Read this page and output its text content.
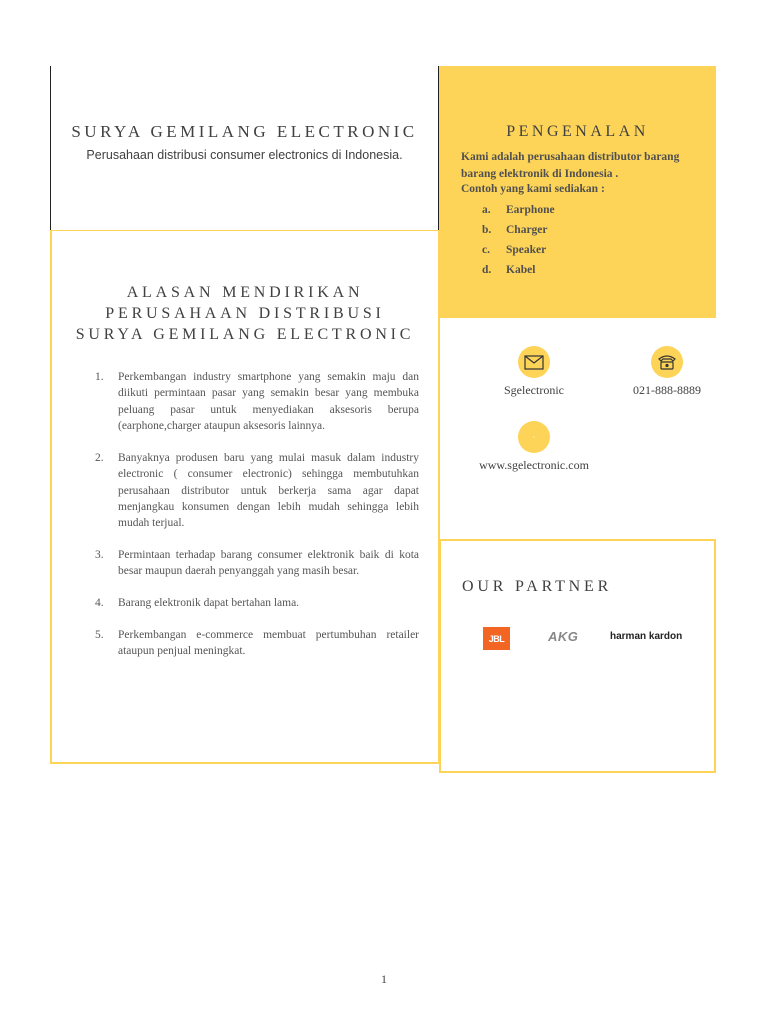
SURYA GEMILANG ELECTRONIC
Perusahaan distribusi consumer electronics di Indonesia.
PENGENALAN
Kami adalah perusahaan distributor barang barang elektronik di Indonesia .
Contoh yang kami sediakan :
a. Earphone
b. Charger
c. Speaker
d. Kabel
ALASAN MENDIRIKAN
PERUSAHAAN DISTRIBUSI
SURYA GEMILANG ELECTRONIC
1. Perkembangan industry smartphone yang semakin maju dan diikuti permintaan pasar yang semakin besar yang membuka peluang pasar untuk menyediakan aksesoris berupa (earphone,charger ataupun aksesoris lainnya.
2. Banyaknya produsen baru yang mulai masuk dalam industry electronic ( consumer electronic) sehingga membutuhkan perusahaan distributor untuk berkerja sama agar dapat menjangkau konsumen dengan lebih mudah sehingga lebih mudah terjual.
3. Permintaan terhadap barang consumer elektronik baik di kota besar maupun daerah penyanggah yang masih besar.
4. Barang elektronik dapat bertahan lama.
5. Perkembangan e-commerce membuat pertumbuhan retailer ataupun penjual meningkat.
Sgelectronic	021-888-8889
www.sgelectronic.com
OUR PARTNER
JBL	AKG	harman kardon
1
